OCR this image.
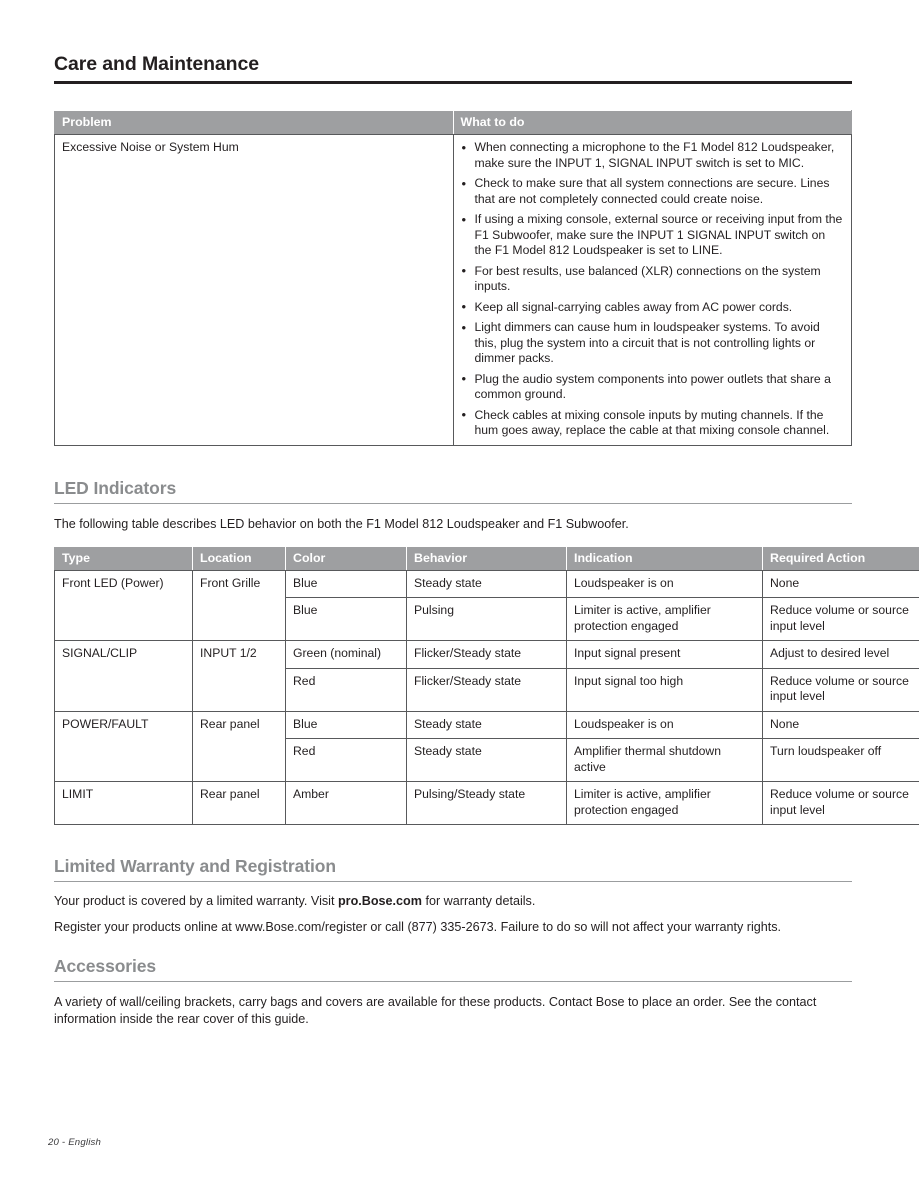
Care and Maintenance
Problem	What to do
Excessive Noise or System Hum	
•When connecting a microphone to the F1 Model 812 Loudspeaker, make sure the INPUT 1, SIGNAL INPUT switch is set to MIC.
• Check to make sure that all system connections are secure. Lines that are not completely connected could create noise.
• If using a mixing console, external source or receiving input from the F1 Subwoofer, make sure the INPUT 1 SIGNAL INPUT switch on the F1 Model 812 Loudspeaker is set to LINE.
• For best results, use balanced (XLR) connections on the system inputs.
• Keep all signal-carrying cables away from AC power cords.
• Light dimmers can cause hum in loudspeaker systems. To avoid this, plug the system into a circuit that is not controlling lights or dimmer packs.
• Plug the audio system components into power outlets that share a common ground.
• Check cables at mixing console inputs by muting channels. If the hum goes away, replace the cable at that mixing console channel.
LED Indicators

The following table describes LED behavior on both the F1 Model 812 Loudspeaker and F1 Subwoofer.

Type	Location	Color	Behavior	Indication	Required Action
Front LED (Power)	Front Grille	Blue	Steady state	Loudspeaker is on	None
		Blue	Pulsing	Limiter is active, amplifier protection engaged	Reduce volume or source input level
SIGNAL/CLIP	INPUT 1/2	Green (nominal)	Flicker/Steady state	Input signal present	Adjust to desired level
		Red	Flicker/Steady state	Input signal too high	Reduce volume or source input level
POWER/FAULT	Rear panel	Blue	Steady state	Loudspeaker is on	None
		Red	Steady state	Amplifier thermal shutdown active	Turn loudspeaker off
LIMIT	Rear panel	Amber	Pulsing/Steady state	Limiter is active, amplifier protection engaged	Reduce volume or source input level
Limited Warranty and Registration

Your product is covered by a limited warranty. Visit pro.Bose.com for warranty details.

Register your products online at www.Bose.com/register or call (877) 335-2673. Failure to do so will not affect your warranty rights.

Accessories

A variety of wall/ceiling brackets, carry bags and covers are available for these products. Contact Bose to place an order. See the contact information inside the rear cover of this guide.

20 - English
